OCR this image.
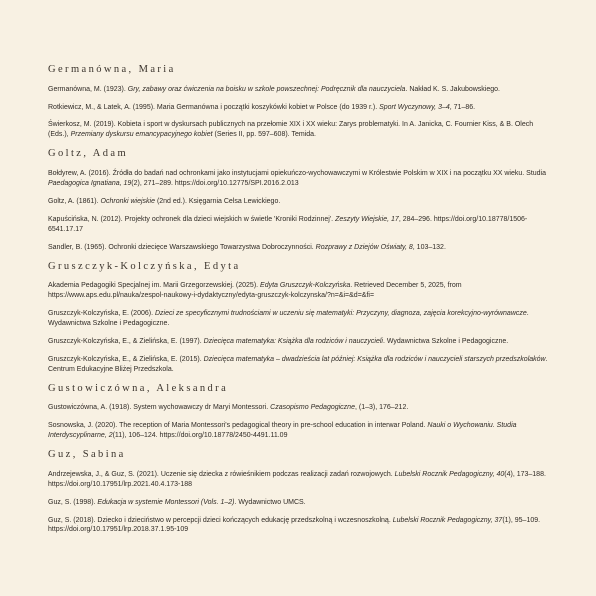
Germanówna, Maria

Germanówna, M. (1923). Gry, zabawy oraz ćwiczenia na boisku w szkole powszechnej: Podręcznik dla nauczyciela. Nakład K. S. Jakubowskiego.

Rotkiewicz, M., & Latek, A. (1995). Maria Germanówna i początki koszykówki kobiet w Polsce (do 1939 r.). Sport Wyczynowy, 3–4, 71–86.

Świerkosz, M. (2019). Kobieta i sport w dyskursach publicznych na przełomie XIX i XX wieku: Zarys problematyki. In A. Janicka, C. Fournier Kiss, & B. Olech (Eds.), Przemiany dyskursu emancypacyjnego kobiet (Series II, pp. 597–608). Temida.

Goltz, Adam

Bołdyrew, A. (2016). Źródła do badań nad ochronkami jako instytucjami opiekuńczo-wychowawczymi w Królestwie Polskim w XIX i na początku XX wieku. Studia Paedagogica Ignatiana, 19(2), 271–289. https://doi.org/10.12775/SPI.2016.2.013

Goltz, A. (1861). Ochronki wiejskie (2nd ed.). Księgarnia Celsa Lewickiego.

Kapuścińska, N. (2012). Projekty ochronek dla dzieci wiejskich w świetle 'Kroniki Rodzinnej'. Zeszyty Wiejskie, 17, 284–296. https://doi.org/10.18778/1506-6541.17.17

Sandler, B. (1965). Ochronki dziecięce Warszawskiego Towarzystwa Dobroczynności. Rozprawy z Dziejów Oświaty, 8, 103–132.

Gruszczyk-Kolczyńska, Edyta

Akademia Pedagogiki Specjalnej im. Marii Grzegorzewskiej. (2025). Edyta Gruszczyk-Kolczyńska. Retrieved December 5, 2025, from https://www.aps.edu.pl/nauka/zespol-naukowy-i-dydaktyczny/edyta-gruszczyk-kolczynska/?n=&i=&d=&fi=

Gruszczyk-Kolczyńska, E. (2006). Dzieci ze specyficznymi trudnościami w uczeniu się matematyki: Przyczyny, diagnoza, zajęcia korekcyjno-wyrównawcze. Wydawnictwa Szkolne i Pedagogiczne.

Gruszczyk-Kolczyńska, E., & Zielińska, E. (1997). Dziecięca matematyka: Książka dla rodziców i nauczycieli. Wydawnictwa Szkolne i Pedagogiczne.

Gruszczyk-Kolczyńska, E., & Zielińska, E. (2015). Dziecięca matematyka – dwadzieścia lat później: Książka dla rodziców i nauczycieli starszych przedszkolaków. Centrum Edukacyjne Bliżej Przedszkola.

Gustowiczówna, Aleksandra

Gustowiczówna, A. (1918). System wychowawczy dr Maryi Montessori. Czasopismo Pedagogiczne, (1–3), 176–212.

Sosnowska, J. (2020). The reception of Maria Montessori's pedagogical theory in pre-school education in interwar Poland. Nauki o Wychowaniu. Studia Interdyscyplinarne, 2(11), 106–124. https://doi.org/10.18778/2450-4491.11.09

Guz, Sabina

Andrzejewska, J., & Guz, S. (2021). Uczenie się dziecka z rówieśnikiem podczas realizacji zadań rozwojowych. Lubelski Rocznik Pedagogiczny, 40(4), 173–188. https://doi.org/10.17951/lrp.2021.40.4.173-188

Guz, S. (1998). Edukacja w systemie Montessori (Vols. 1–2). Wydawnictwo UMCS.

Guz, S. (2018). Dziecko i dzieciństwo w percepcji dzieci kończących edukację przedszkolną i wczesnoszkolną. Lubelski Rocznik Pedagogiczny, 37(1), 95–109. https://doi.org/10.17951/lrp.2018.37.1.95-109
